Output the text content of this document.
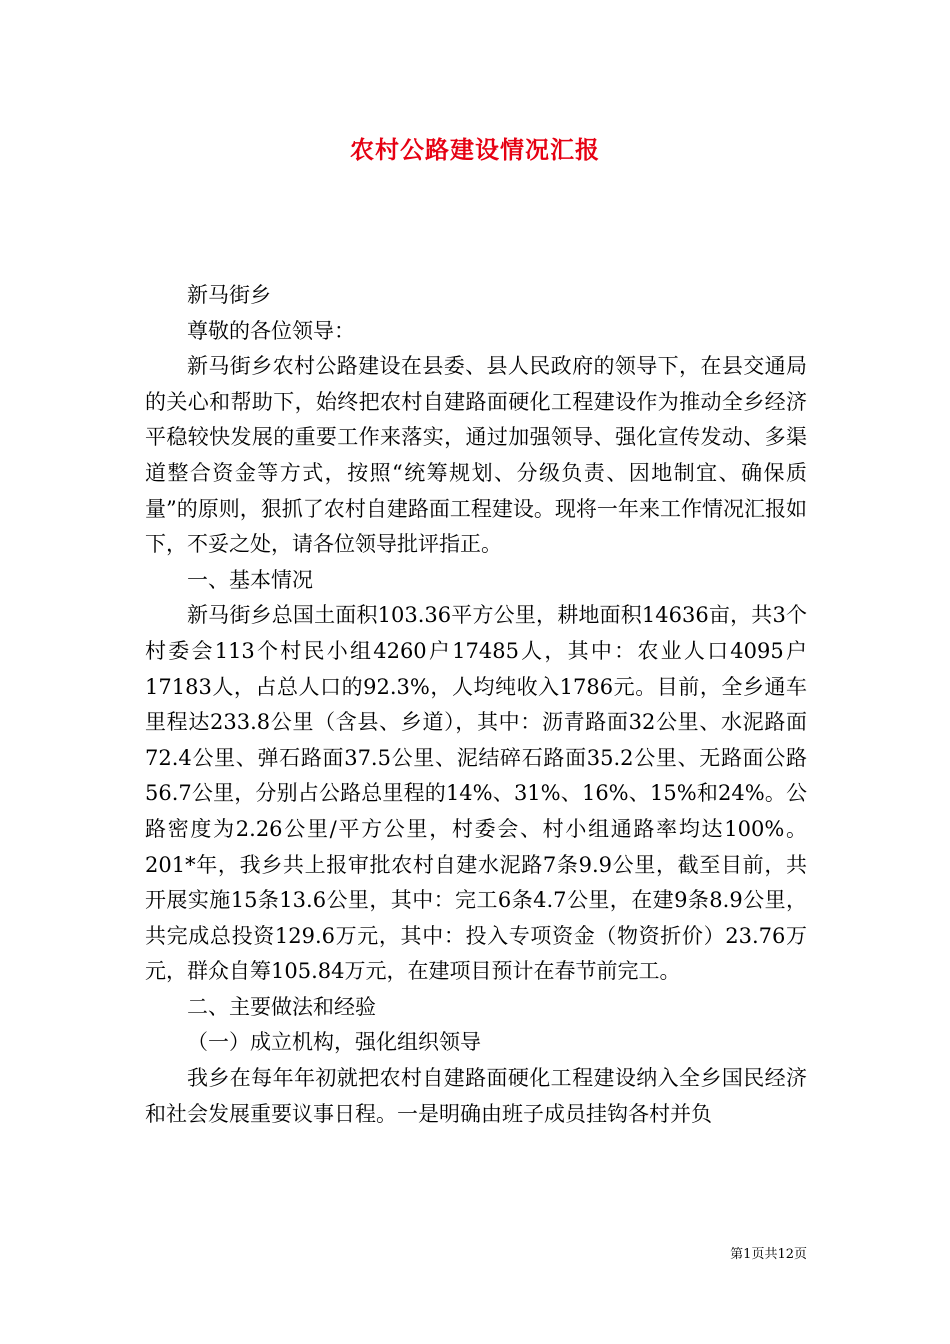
农村公路建设情况汇报

新马街乡

尊敬的各位领导：

新马街乡农村公路建设在县委、县人民政府的领导下，在县交通局的关心和帮助下，始终把农村自建路面硬化工程建设作为推动全乡经济平稳较快发展的重要工作来落实，通过加强领导、强化宣传发动、多渠道整合资金等方式，按照“统筹规划、分级负责、因地制宜、确保质量”的原则，狠抓了农村自建路面工程建设。现将一年来工作情况汇报如下，不妥之处，请各位领导批评指正。

一、基本情况

新马街乡总国土面积103.36平方公里，耕地面积14636亩，共3个村委会113个村民小组4260户17485人，其中：农业人口4095户17183人，占总人口的92.3%，人均纯收入1786元。目前，全乡通车里程达233.8公里（含县、乡道），其中：沥青路面32公里、水泥路面72.4公里、弹石路面37.5公里、泥结碎石路面35.2公里、无路面公路56.7公里，分别占公路总里程的14%、31%、16%、15%和24%。公路密度为2.26公里/平方公里，村委会、村小组通路率均达100%。201*年，我乡共上报审批农村自建水泥路7条9.9公里，截至目前，共开展实施15条13.6公里，其中：完工6条4.7公里，在建9条8.9公里，共完成总投资129.6万元，其中：投入专项资金（物资折价）23.76万元，群众自筹105.84万元，在建项目预计在春节前完工。

二、主要做法和经验

（一）成立机构，强化组织领导

我乡在每年年初就把农村自建路面硬化工程建设纳入全乡国民经济和社会发展重要议事日程。一是明确由班子成员挂钩各村并负

第1页共12页
